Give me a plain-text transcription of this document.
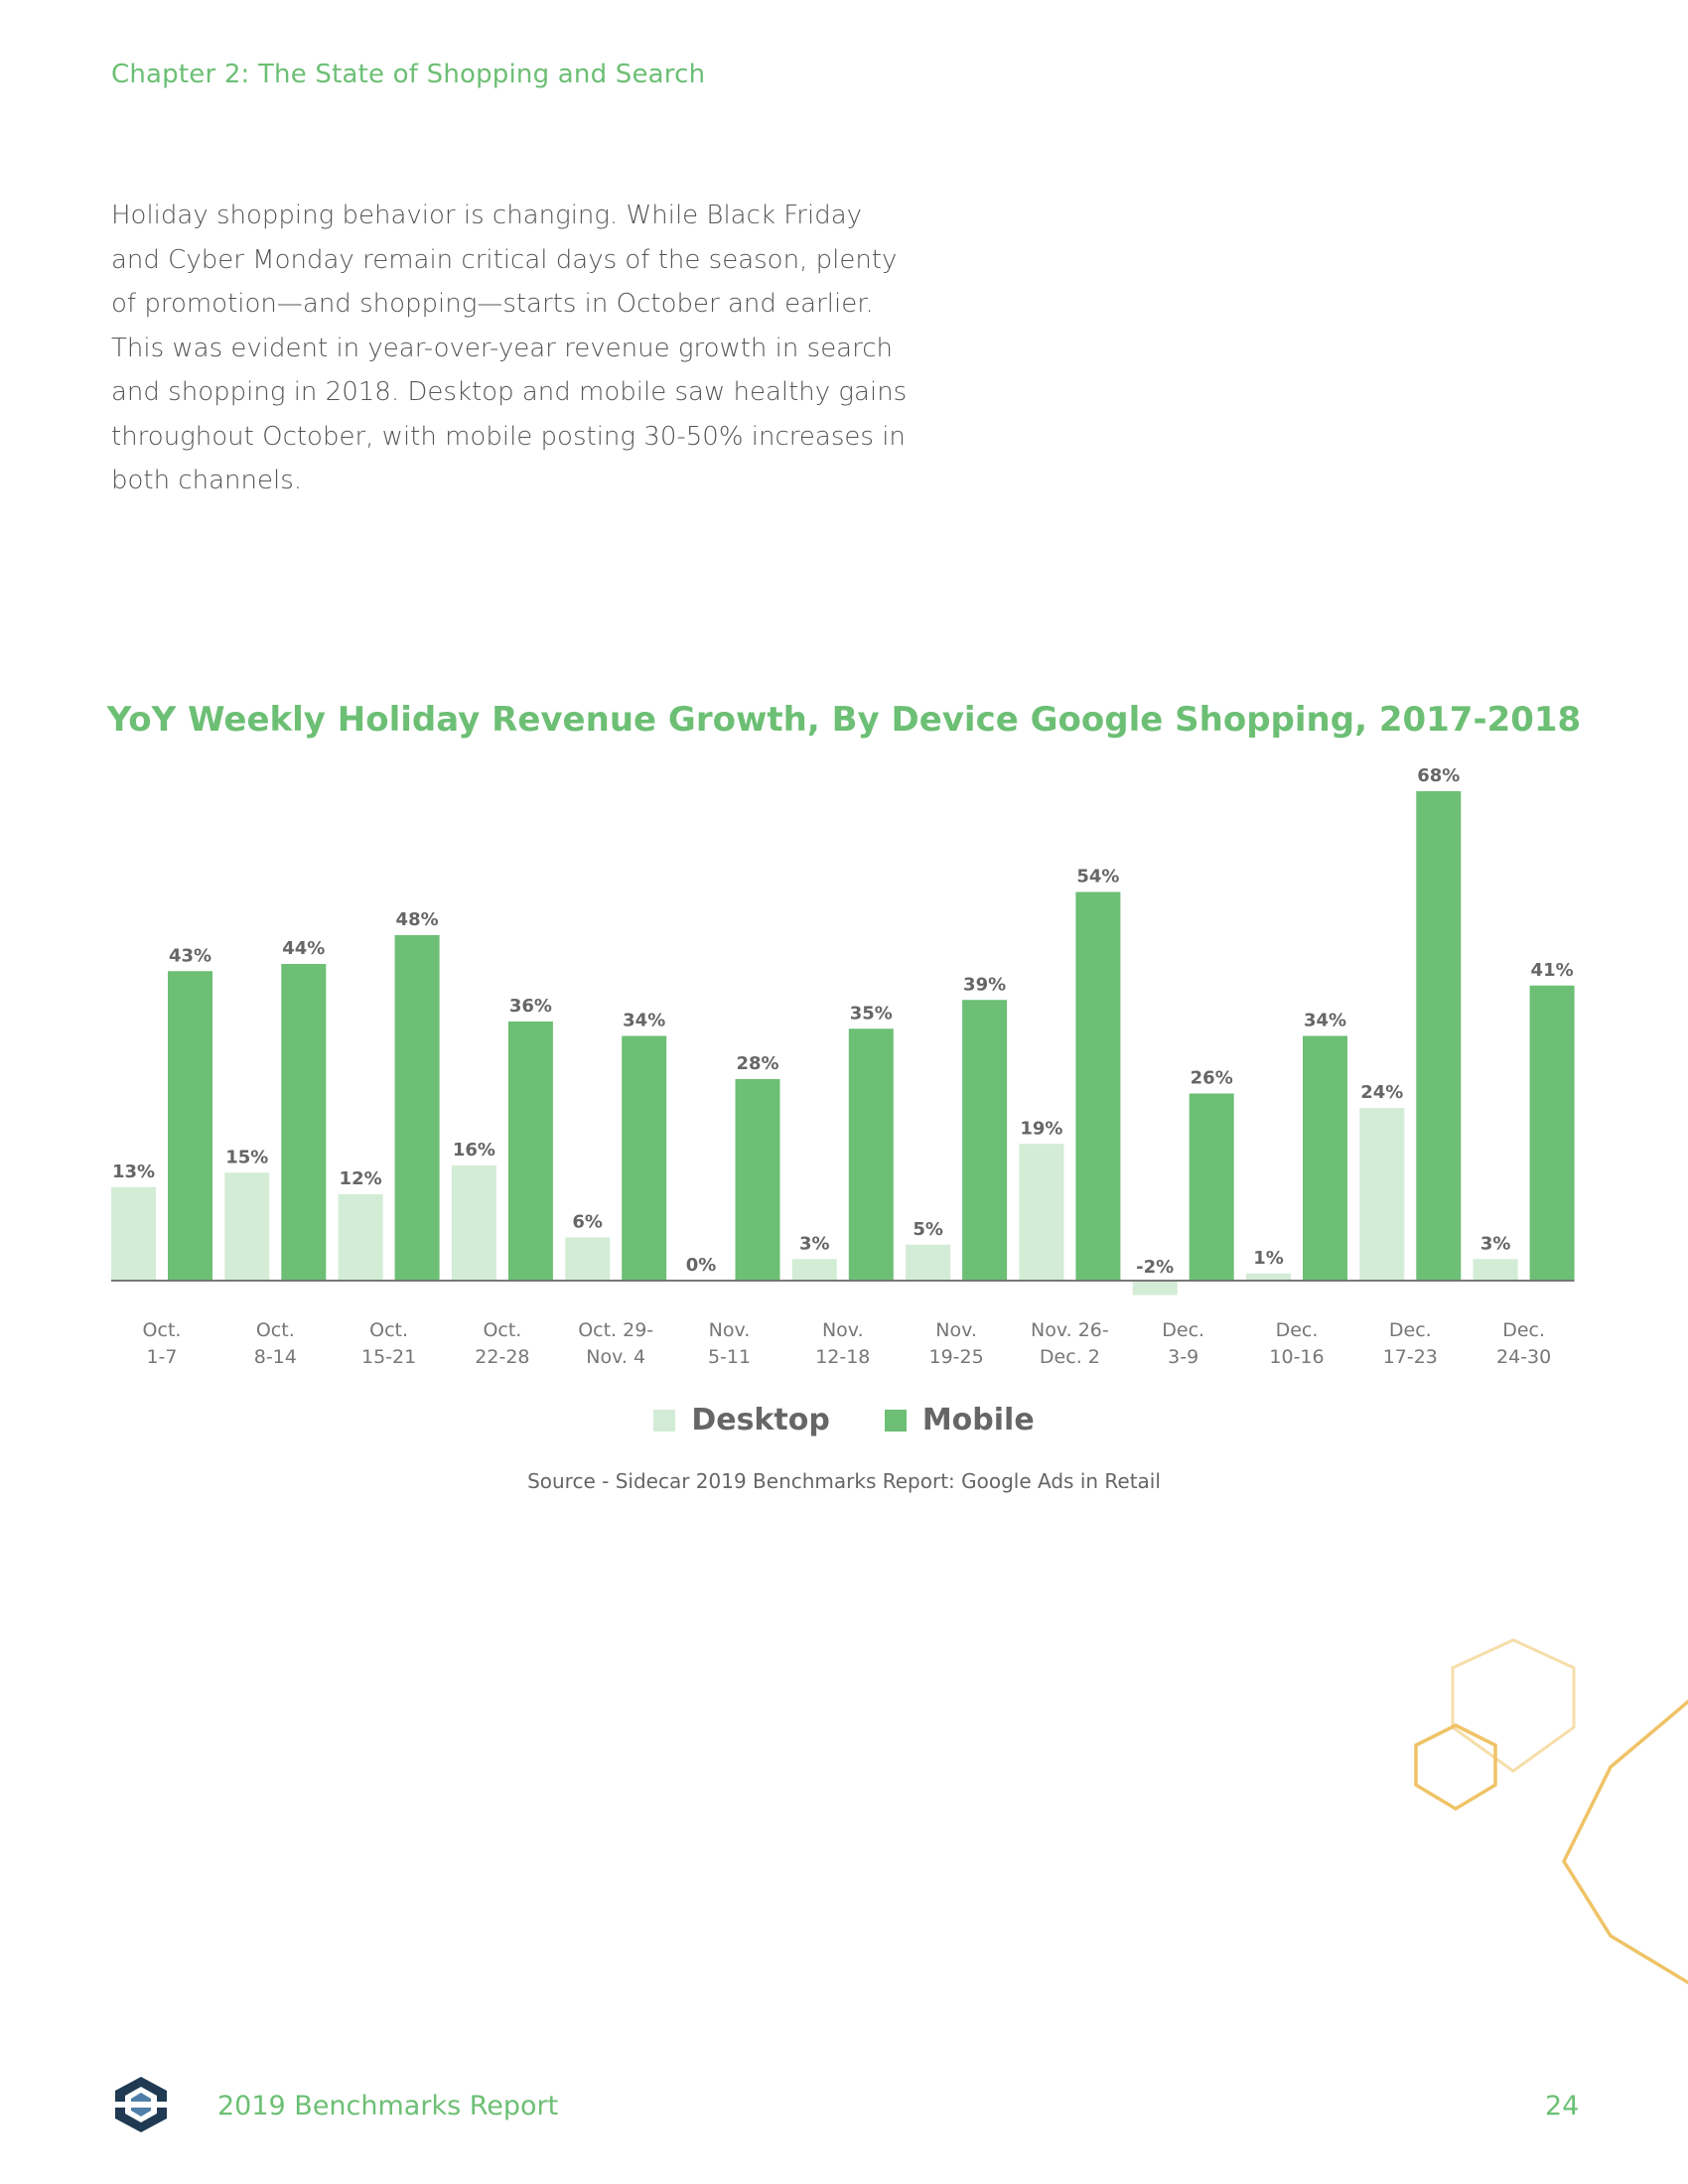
Chapter 2: The State of Shopping and Search
Holiday shopping behavior is changing. While Black Friday
and Cyber Monday remain critical days of the season, plenty
of promotion—and shopping—starts in October and earlier.
This was evident in year-over-year revenue growth in search
and shopping in 2018. Desktop and mobile saw healthy gains
throughout October, with mobile posting 30-50% increases in
both channels.
YoY Weekly Holiday Revenue Growth, By Device Google Shopping, 2017-2018
13%
43%
Oct.
1-7
15%
44%
Oct.
8-14
12%
48%
Oct.
15-21
16%
36%
Oct.
22-28
6%
34%
Oct. 29-
Nov. 4
0%
28%
Nov.
5-11
3%
35%
Nov.
12-18
5%
39%
Nov.
19-25
19%
54%
Nov. 26-
Dec. 2
-2%
26%
Dec.
3-9
1%
34%
Dec.
10-16
24%
68%
Dec.
17-23
3%
41%
Dec.
24-30
Desktop	Mobile
Source - Sidecar 2019 Benchmarks Report: Google Ads in Retail
2019 Benchmarks Report	24
